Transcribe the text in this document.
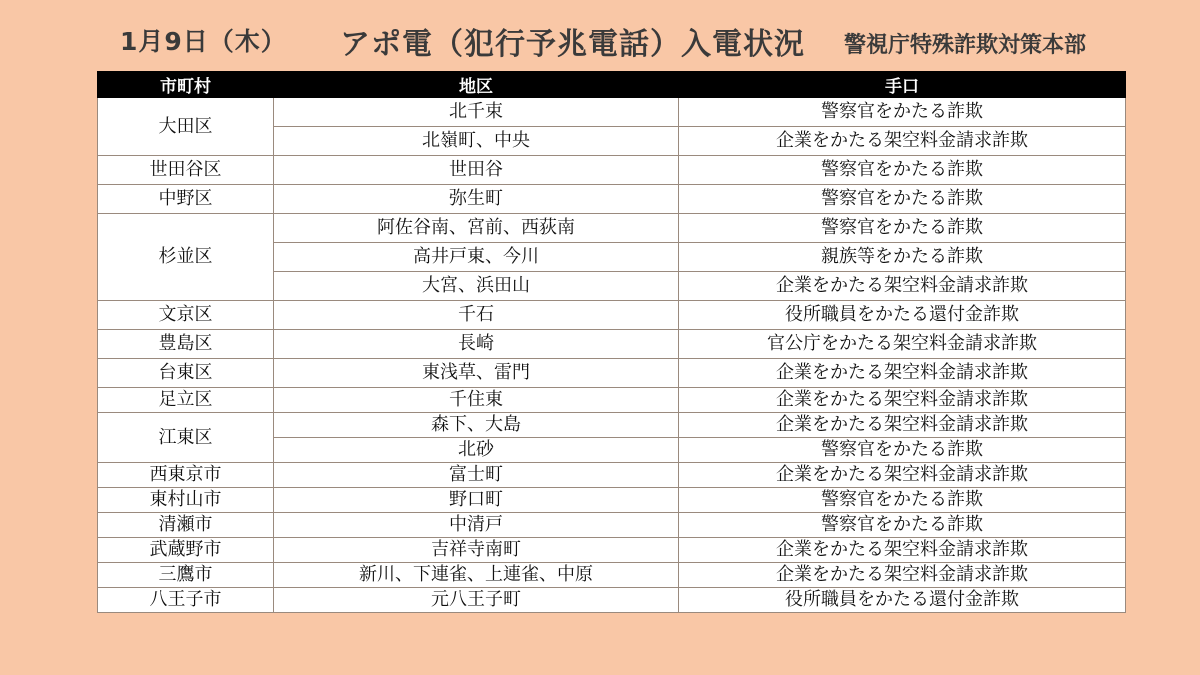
1月9日（木） アポ電（犯行予兆電話）入電状況 警視庁特殊詐欺対策本部
市町村	地区	手口
大田区	北千束	警察官をかたる詐欺
	北嶺町、中央	企業をかたる架空料金請求詐欺
世田谷区	世田谷	警察官をかたる詐欺
中野区	弥生町	警察官をかたる詐欺
杉並区	阿佐谷南、宮前、西荻南	警察官をかたる詐欺
	高井戸東、今川	親族等をかたる詐欺
	大宮、浜田山	企業をかたる架空料金請求詐欺
文京区	千石	役所職員をかたる還付金詐欺
豊島区	長崎	官公庁をかたる架空料金請求詐欺
台東区	東浅草、雷門	企業をかたる架空料金請求詐欺
足立区	千住東	企業をかたる架空料金請求詐欺
江東区	森下、大島	企業をかたる架空料金請求詐欺
	北砂	警察官をかたる詐欺
西東京市	富士町	企業をかたる架空料金請求詐欺
東村山市	野口町	警察官をかたる詐欺
清瀬市	中清戸	警察官をかたる詐欺
武蔵野市	吉祥寺南町	企業をかたる架空料金請求詐欺
三鷹市	新川、下連雀、上連雀、中原	企業をかたる架空料金請求詐欺
八王子市	元八王子町	役所職員をかたる還付金詐欺
